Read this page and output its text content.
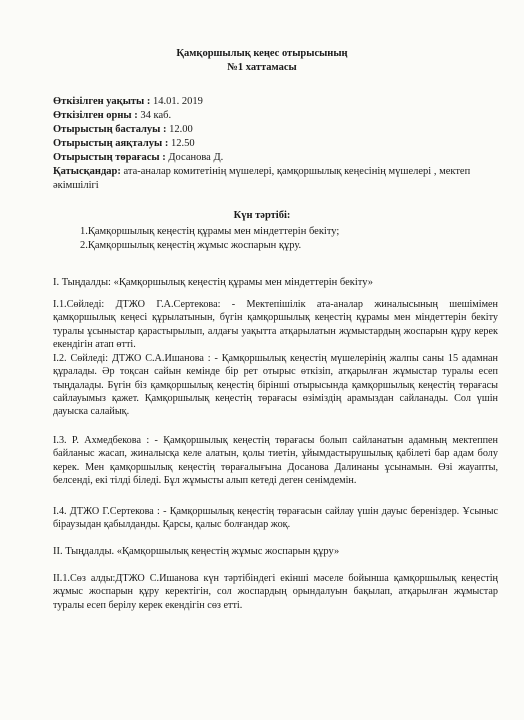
Қамқоршылық кеңес отырысының
№1 хаттамасы
Өткізілген уақыты : 14.01. 2019
Өткізілген орны : 34 каб.
Отырыстың басталуы : 12.00
Отырыстың аяқталуы : 12.50
Отырыстың төрағасы : Досанова Д.
Қатысқандар: ата-аналар комитетінің мүшелері, қамқоршылық кеңесінің мүшелері , мектеп әкімшілігі
Күн тәртібі:
1.Қамқоршылық кеңестің құрамы мен міндеттерін бекіту;
2.Қамқоршылық кеңестің жұмыс жоспарын құру.
I. Тыңдалды: «Қамқоршылық кеңестің құрамы мен міндеттерін бекіту»
I.1.Сөйледі: ДТЖО Г.А.Сертекова: - Мектепішілік ата-аналар жиналысының шешімімен қамқоршылық кеңесі құрылатынын, бүгін қамқоршылық кеңестің құрамы мен міндеттерін бекіту туралы ұсыныстар қарастырылып, алдағы уақытта атқарылатын жұмыстардың жоспарын құру керек екендігін атап өтті.
I.2. Сөйледі: ДТЖО С.А.Ишанова : - Қамқоршылық кеңестің мүшелерінің жалпы саны 15 адамнан құралады. Әр тоқсан сайын кемінде бір рет отырыс өткізіп, атқарылған жұмыстар туралы есеп тыңдалады. Бүгін біз қамқоршылық кеңестің бірінші отырысында қамқоршылық кеңестің төрағасы сайлауымыз қажет. Қамқоршылық кеңестің төрағасы өзіміздің арамыздан сайланады. Сол үшін дауыска салайық.
I.3. Р. Ахмедбекова : - Қамқоршылық кеңестің төрағасы болып сайланатын адамның мектеппен байланыс жасап, жиналысқа келе алатын, қолы тиетін, ұйымдастырушылық қабілеті бар адам болу керек. Мен қамқоршылық кеңестің төрағалығына Досанова Далинаны ұсынамын. Өзі жауапты, белсенді, екі тілді біледі. Бұл жұмысты алып кетеді деген сенімдемін.
I.4. ДТЖО Г.Сертекова : - Қамқоршылық кеңестің төрағасын сайлау үшін дауыс береніздер. Ұсыныс біраузыдан қабылданды. Қарсы, қалыс болғандар жоқ.
II. Тыңдалды. «Қамқоршылық кеңестің жұмыс жоспарын құру»
II.1.Сөз алды:ДТЖО С.Ишанова күн тәртібіндегі екінші мәселе бойынша қамқоршылық кеңестің жұмыс жоспарын құру керектігін, сол жоспардың орындалуын бақылап, атқарылған жұмыстар туралы есеп берілу керек екендігін сөз етті.
